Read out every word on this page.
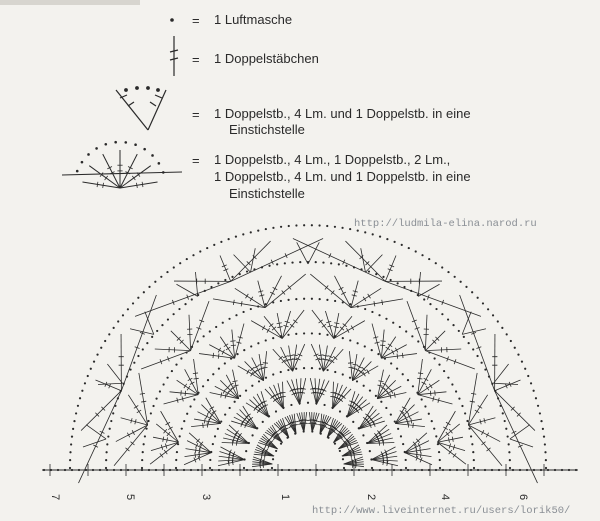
= 1 Luftmasche
= 1 Doppelstäbchen
= 1 Doppelstb., 4 Lm. und 1 Doppelstb. in eine
Einstichstelle
= 1 Doppelstb., 4 Lm., 1 Doppelstb., 2 Lm.,
1 Doppelstb., 4 Lm. und 1 Doppelstb. in eine
Einstichstelle
http://ludmila-elina.narod.ru
http://www.liveinternet.ru/users/lorik50/
7	5	3	1	2	4	6
